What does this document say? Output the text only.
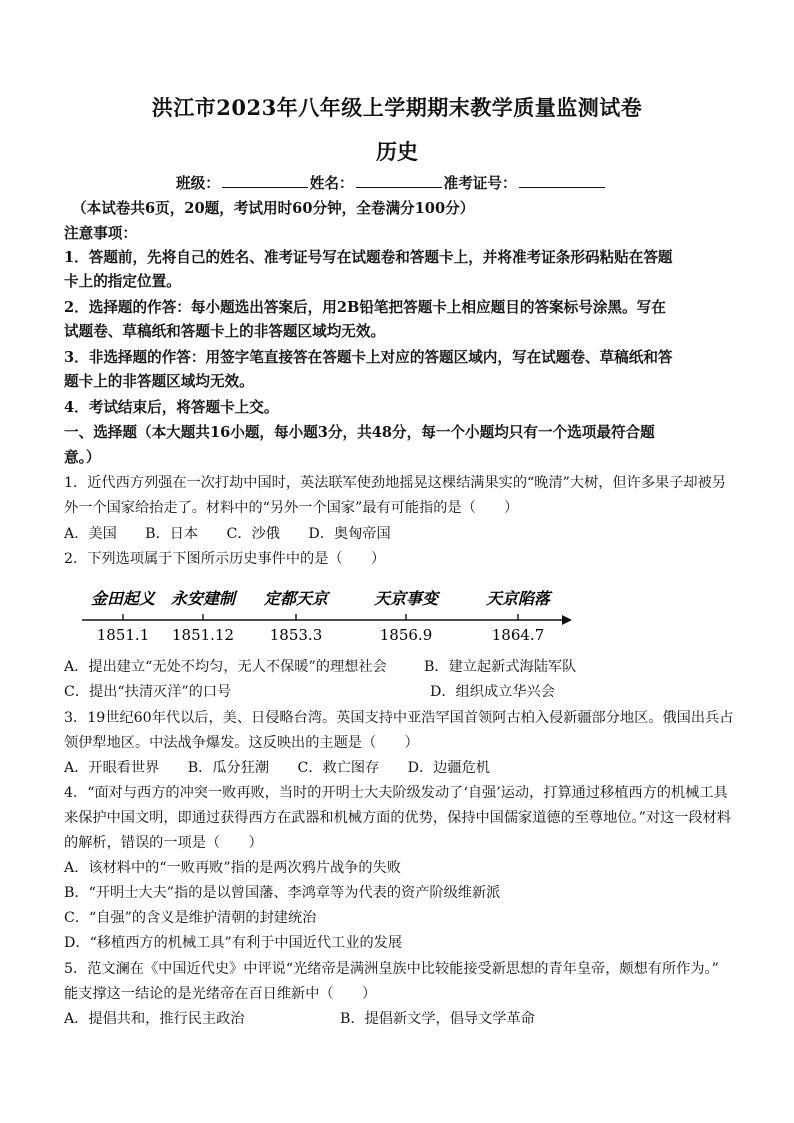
洪江市2023年八年级上学期期末教学质量监测试卷
历史
班级：	姓名：	准考证号：
（本试卷共6页，20题，考试用时60分钟，全卷满分100分）
注意事项：
1．答题前，先将自己的姓名、准考证号写在试题卷和答题卡上，并将准考证条形码粘贴在答题
卡上的指定位置。
2．选择题的作答：每小题选出答案后，用2B铅笔把答题卡上相应题目的答案标号涂黑。写在
试题卷、草稿纸和答题卡上的非答题区域均无效。
3．非选择题的作答：用签字笔直接答在答题卡上对应的答题区域内，写在试题卷、草稿纸和答
题卡上的非答题区域均无效。
4．考试结束后，将答题卡上交。
一、选择题（本大题共16小题，每小题3分，共48分，每一个小题均只有一个选项最符合题
意。）
1．近代西方列强在一次打劫中国时，英法联军使劲地摇晃这棵结满果实的“晚清”大树，但许多果子却被另
外一个国家给抬走了。材料中的“另外一个国家”最有可能指的是（　　）
A．美国　　B．日本　　C．沙俄　　D．奥匈帝国
2．下列选项属于下图所示历史事件中的是（　　）
金田起义
1851.1
永安建制
1851.12
定都天京
1853.3
天京事变
1856.9
天京陷落
1864.7
A．提出建立“无处不均匀，无人不保暖”的理想社会	B．建立起新式海陆军队
C．提出“扶清灭洋”的口号	D．组织成立华兴会
3．19世纪60年代以后，美、日侵略台湾。英国支持中亚浩罕国首领阿古柏入侵新疆部分地区。俄国出兵占
领伊犁地区。中法战争爆发。这反映出的主题是（　　）
A．开眼看世界　　B．瓜分狂潮　　C．救亡图存　　D．边疆危机
4．“面对与西方的冲突一败再败，当时的开明士大夫阶级发动了‘自强’运动，打算通过移植西方的机械工具
来保护中国文明，即通过获得西方在武器和机械方面的优势，保持中国儒家道德的至尊地位。”对这一段材料
的解析，错误的一项是（　　）
A．该材料中的“一败再败”指的是两次鸦片战争的失败
B．“开明士大夫”指的是以曾国藩、李鸿章等为代表的资产阶级维新派
C．“自强”的含义是维护清朝的封建统治
D．“移植西方的机械工具”有利于中国近代工业的发展
5．范文澜在《中国近代史》中评说“光绪帝是满洲皇族中比较能接受新思想的青年皇帝，颇想有所作为。”
能支撑这一结论的是光绪帝在百日维新中（　　）
A．提倡共和，推行民主政治	B．提倡新文学，倡导文学革命
